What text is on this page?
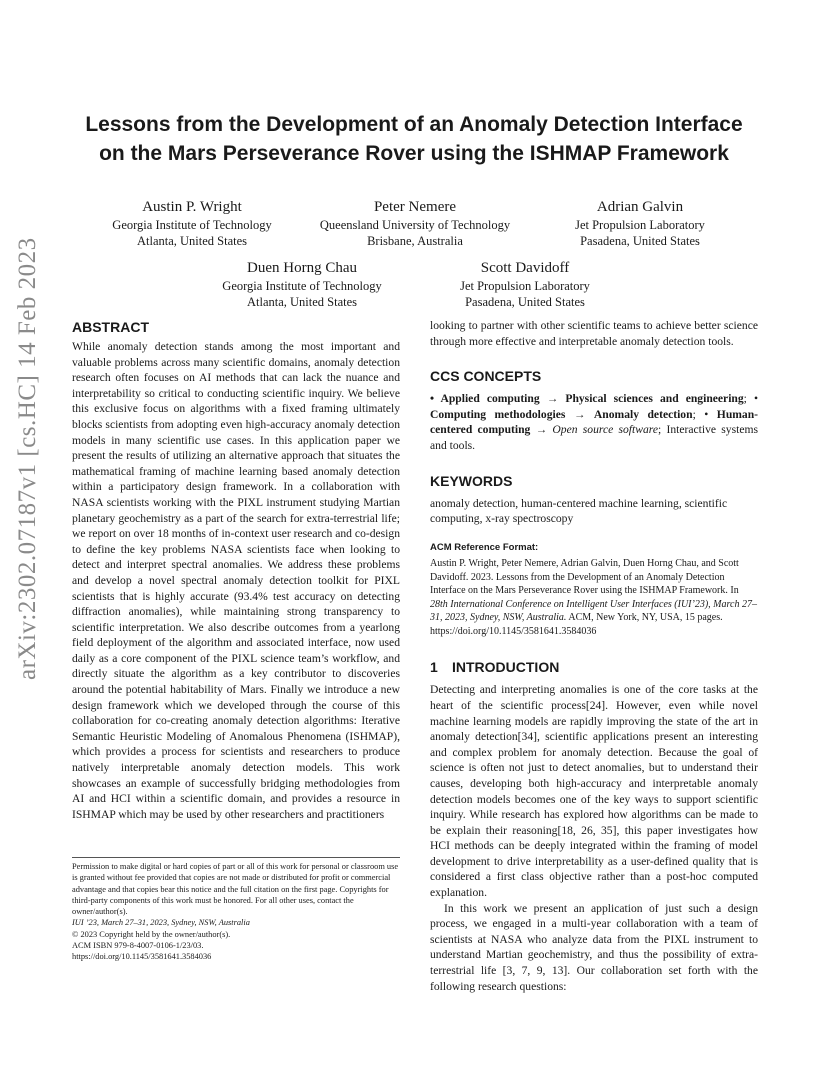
arXiv:2302.07187v1 [cs.HC] 14 Feb 2023
Lessons from the Development of an Anomaly Detection Interface on the Mars Perseverance Rover using the ISHMAP Framework
Austin P. Wright
Georgia Institute of Technology
Atlanta, United States
Peter Nemere
Queensland University of Technology
Brisbane, Australia
Adrian Galvin
Jet Propulsion Laboratory
Pasadena, United States
Duen Horng Chau
Georgia Institute of Technology
Atlanta, United States
Scott Davidoff
Jet Propulsion Laboratory
Pasadena, United States
ABSTRACT

While anomaly detection stands among the most important and valuable problems across many scientific domains, anomaly detection research often focuses on AI methods that can lack the nuance and interpretability so critical to conducting scientific inquiry. We believe this exclusive focus on algorithms with a fixed framing ultimately blocks scientists from adopting even high-accuracy anomaly detection models in many scientific use cases. In this application paper we present the results of utilizing an alternative approach that situates the mathematical framing of machine learning based anomaly detection within a participatory design framework. In a collaboration with NASA scientists working with the PIXL instrument studying Martian planetary geochemistry as a part of the search for extra-terrestrial life; we report on over 18 months of in-context user research and co-design to define the key problems NASA scientists face when looking to detect and interpret spectral anomalies. We address these problems and develop a novel spectral anomaly detection toolkit for PIXL scientists that is highly accurate (93.4% test accuracy on detecting diffraction anomalies), while maintaining strong transparency to scientific interpretation. We also describe outcomes from a yearlong field deployment of the algorithm and associated interface, now used daily as a core component of the PIXL science team’s workflow, and directly situate the algorithm as a key contributor to discoveries around the potential habitability of Mars. Finally we introduce a new design framework which we developed through the course of this collaboration for co-creating anomaly detection algorithms: Iterative Semantic Heuristic Modeling of Anomalous Phenomena (ISHMAP), which provides a process for scientists and researchers to produce natively interpretable anomaly detection models. This work showcases an example of successfully bridging methodologies from AI and HCI within a scientific domain, and provides a resource in ISHMAP which may be used by other researchers and practitioners

Permission to make digital or hard copies of part or all of this work for personal or classroom use is granted without fee provided that copies are not made or distributed for profit or commercial advantage and that copies bear this notice and the full citation on the first page. Copyrights for third-party components of this work must be honored. For all other uses, contact the owner/author(s).

IUI ’23, March 27–31, 2023, Sydney, NSW, Australia

© 2023 Copyright held by the owner/author(s).

ACM ISBN 979-8-4007-0106-1/23/03.

https://doi.org/10.1145/3581641.3584036

looking to partner with other scientific teams to achieve better science through more effective and interpretable anomaly detection tools.

CCS CONCEPTS

• Applied computing → Physical sciences and engineering; • Computing methodologies → Anomaly detection; • Human-centered computing → Open source software; Interactive systems and tools.

KEYWORDS

anomaly detection, human-centered machine learning, scientific computing, x-ray spectroscopy

ACM Reference Format:

Austin P. Wright, Peter Nemere, Adrian Galvin, Duen Horng Chau, and Scott Davidoff. 2023. Lessons from the Development of an Anomaly Detection Interface on the Mars Perseverance Rover using the ISHMAP Framework. In 28th International Conference on Intelligent User Interfaces (IUI’23), March 27–31, 2023, Sydney, NSW, Australia. ACM, New York, NY, USA, 15 pages. https://doi.org/10.1145/3581641.3584036

1 INTRODUCTION

Detecting and interpreting anomalies is one of the core tasks at the heart of the scientific process[24]. However, even while novel machine learning models are rapidly improving the state of the art in anomaly detection[34], scientific applications present an interesting and complex problem for anomaly detection. Because the goal of science is often not just to detect anomalies, but to understand their causes, developing both high-accuracy and interpretable anomaly detection models becomes one of the key ways to support scientific inquiry. While research has explored how algorithms can be made to be explain their reasoning[18, 26, 35], this paper investigates how HCI methods can be deeply integrated within the framing of model development to drive interpretability as a user-defined quality that is considered a first class objective rather than a post-hoc computed explanation.

In this work we present an application of just such a design process, we engaged in a multi-year collaboration with a team of scientists at NASA who analyze data from the PIXL instrument to understand Martian geochemistry, and thus the possibility of extra-terrestrial life [3, 7, 9, 13]. Our collaboration set forth with the following research questions:
